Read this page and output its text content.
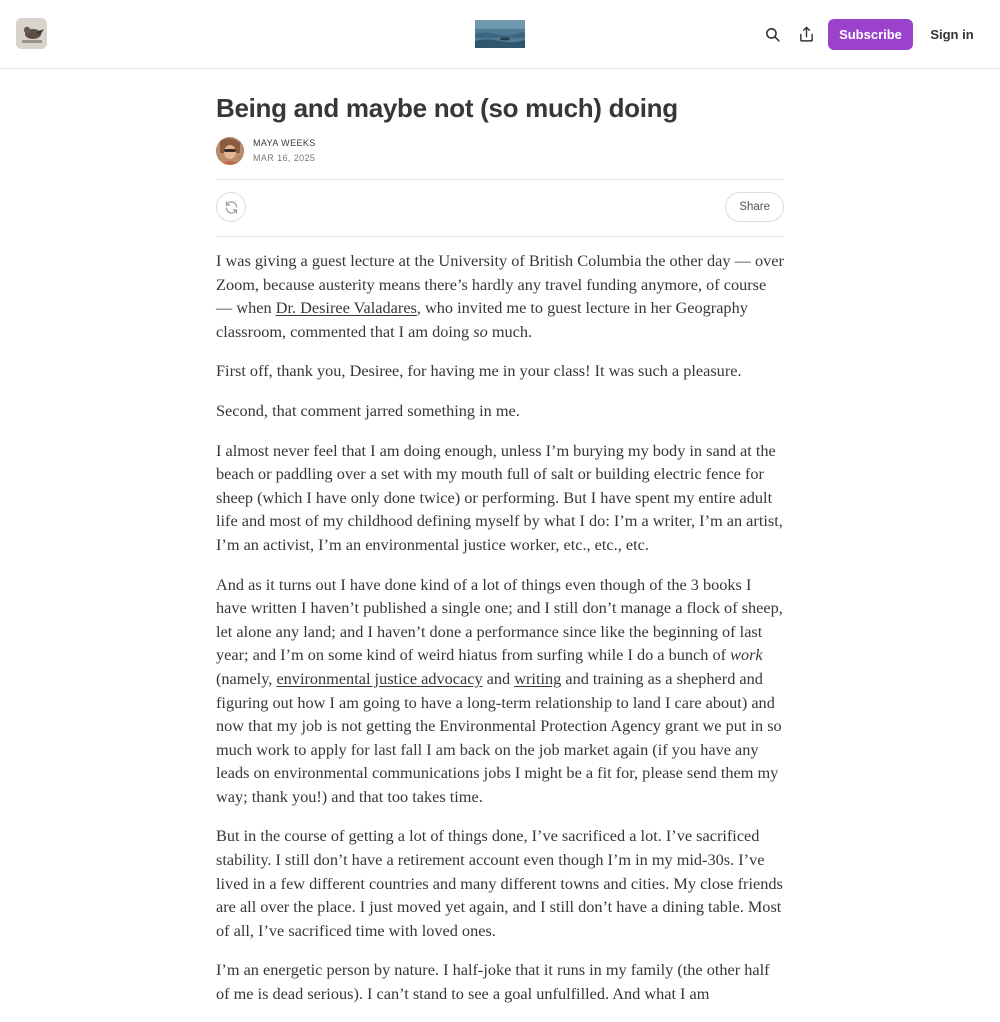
Subscribe	Sign in
Being and maybe not (so much) doing
MAYA WEEKS
MAR 16, 2025
Share

I was giving a guest lecture at the University of British Columbia the other day — over Zoom, because austerity means there’s hardly any travel funding anymore, of course — when Dr. Desiree Valadares, who invited me to guest lecture in her Geography classroom, commented that I am doing so much.

First off, thank you, Desiree, for having me in your class! It was such a pleasure.

Second, that comment jarred something in me.

I almost never feel that I am doing enough, unless I’m burying my body in sand at the beach or paddling over a set with my mouth full of salt or building electric fence for sheep (which I have only done twice) or performing. But I have spent my entire adult life and most of my childhood defining myself by what I do: I’m a writer, I’m an artist, I’m an activist, I’m an environmental justice worker, etc., etc., etc.

And as it turns out I have done kind of a lot of things even though of the 3 books I have written I haven’t published a single one; and I still don’t manage a flock of sheep, let alone any land; and I haven’t done a performance since like the beginning of last year; and I’m on some kind of weird hiatus from surfing while I do a bunch of work (namely, environmental justice advocacy and writing and training as a shepherd and figuring out how I am going to have a long-term relationship to land I care about) and now that my job is not getting the Environmental Protection Agency grant we put in so much work to apply for last fall I am back on the job market again (if you have any leads on environmental communications jobs I might be a fit for, please send them my way; thank you!) and that too takes time.

But in the course of getting a lot of things done, I’ve sacrificed a lot. I’ve sacrificed stability. I still don’t have a retirement account even though I’m in my mid-30s. I’ve lived in a few different countries and many different towns and cities. My close friends are all over the place. I just moved yet again, and I still don’t have a dining table. Most of all, I’ve sacrificed time with loved ones.

I’m an energetic person by nature. I half-joke that it runs in my family (the other half of me is dead serious). I can’t stand to see a goal unfulfilled. And what I am
